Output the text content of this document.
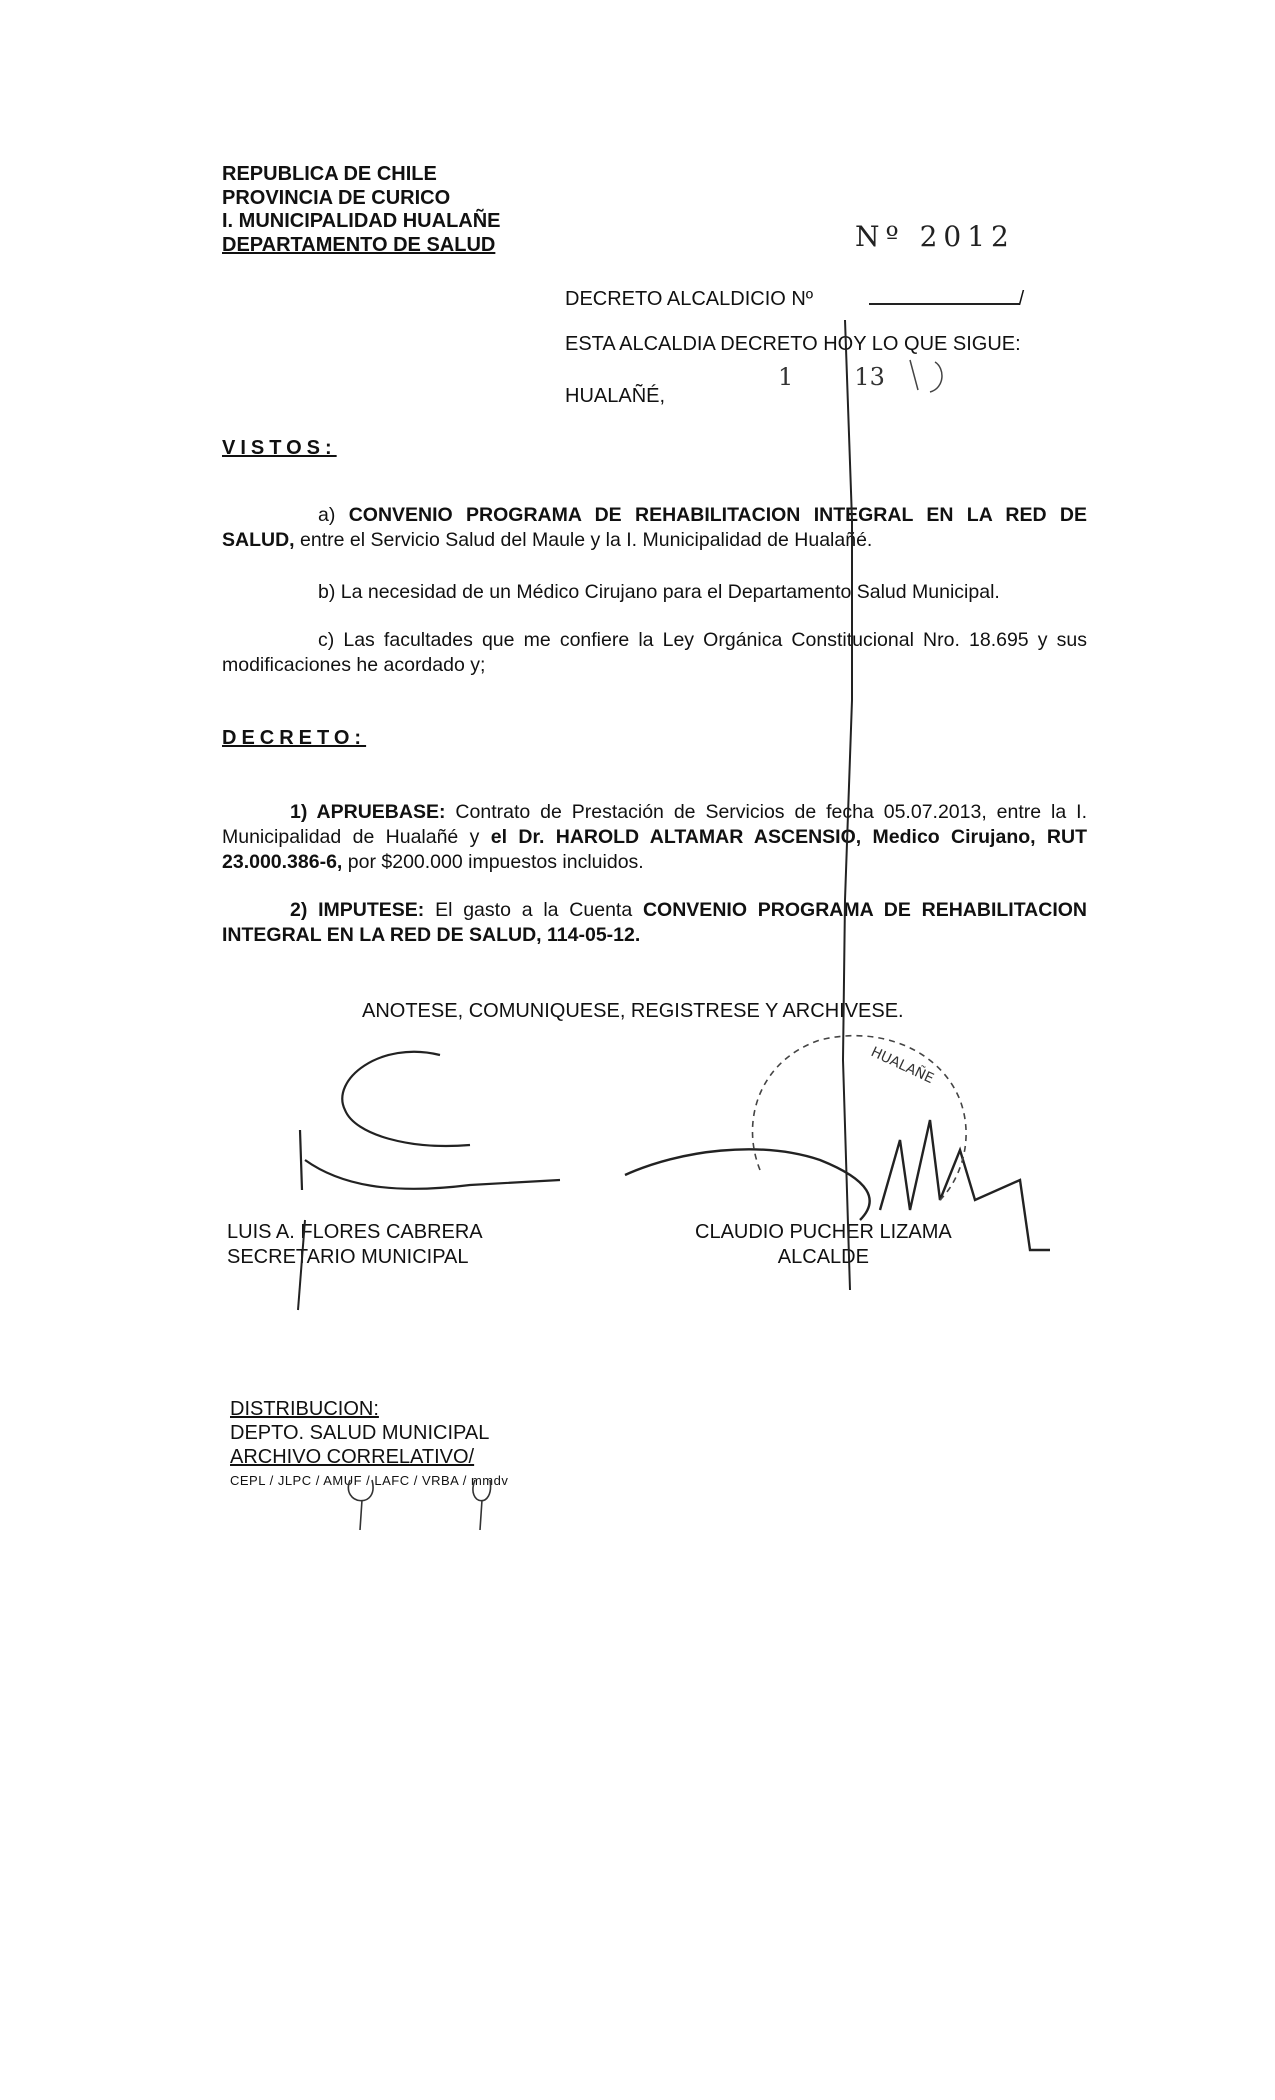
REPUBLICA DE CHILE
PROVINCIA DE CURICO
I. MUNICIPALIDAD HUALAÑE
DEPARTAMENTO DE SALUD	Nº 2012
DECRETO ALCALDICIO Nº	/
ESTA ALCALDIA DECRETO HOY LO QUE SIGUE:
HUALAÑÉ,
1        13
VISTOS:
a) CONVENIO PROGRAMA DE REHABILITACION INTEGRAL EN LA RED DE SALUD, entre el Servicio Salud del Maule y la I. Municipalidad de Hualañé.
b) La necesidad de un Médico Cirujano para el Departamento Salud Municipal.
c) Las facultades que me confiere la Ley Orgánica Constitucional Nro. 18.695 y sus modificaciones he acordado y;
DECRETO:
1) APRUEBASE: Contrato de Prestación de Servicios de fecha 05.07.2013, entre la I. Municipalidad de Hualañé y el Dr. HAROLD ALTAMAR ASCENSIO, Medico Cirujano, RUT 23.000.386-6, por $200.000 impuestos incluidos.
2) IMPUTESE: El gasto a la Cuenta CONVENIO PROGRAMA DE REHABILITACION INTEGRAL EN LA RED DE SALUD, 114-05-12.
ANOTESE, COMUNIQUESE, REGISTRESE Y ARCHIVESE.
LUIS A. FLORES CABRERA
SECRETARIO MUNICIPAL
CLAUDIO PUCHER LIZAMA
ALCALDE
DISTRIBUCION:
DEPTO. SALUD MUNICIPAL
ARCHIVO CORRELATIVO/
CEPL / JLPC / AMUF / LAFC / VRBA / mmdv
HUALAÑE
